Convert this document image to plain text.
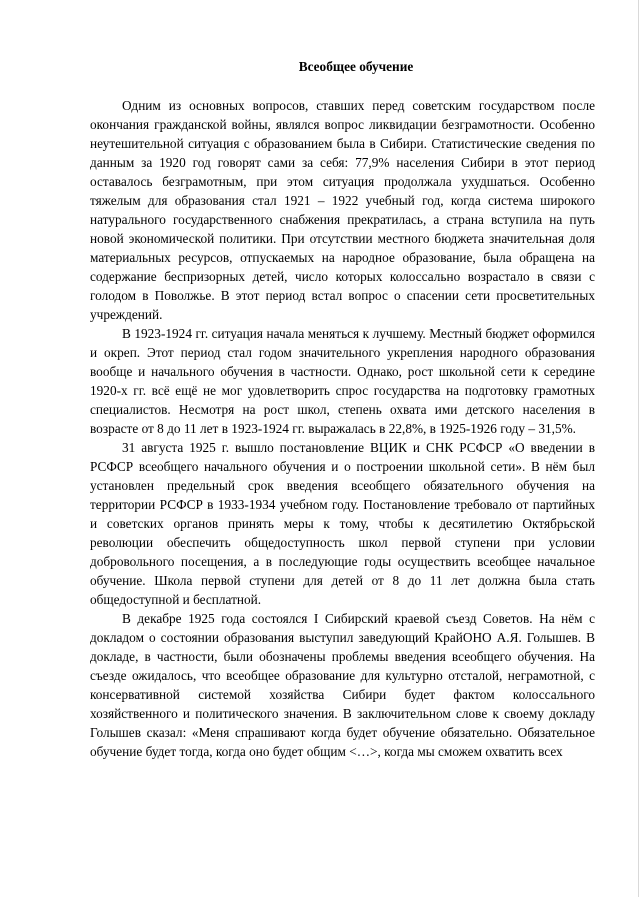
Всеобщее обучение

Одним из основных вопросов, ставших перед советским государством после окончания гражданской войны, являлся вопрос ликвидации безграмотности. Особенно неутешительной ситуация с образованием была в Сибири. Статистические сведения по данным за 1920 год говорят сами за себя: 77,9% населения Сибири в этот период оставалось безграмотным, при этом ситуация продолжала ухудшаться. Особенно тяжелым для образования стал 1921 – 1922 учебный год, когда система широкого натурального государственного снабжения прекратилась, а страна вступила на путь новой экономической политики. При отсутствии местного бюджета значительная доля материальных ресурсов, отпускаемых на народное образование, была обращена на содержание беспризорных детей, число которых колоссально возрастало в связи с голодом в Поволжье. В этот период встал вопрос о спасении сети просветительных учреждений.

В 1923-1924 гг. ситуация начала меняться к лучшему. Местный бюджет оформился и окреп. Этот период стал годом значительного укрепления народного образования вообще и начального обучения в частности. Однако, рост школьной сети к середине 1920-х гг. всё ещё не мог удовлетворить спрос государства на подготовку грамотных специалистов. Несмотря на рост школ, степень охвата ими детского населения в возрасте от 8 до 11 лет в 1923-1924 гг. выражалась в 22,8%, в 1925-1926 году – 31,5%.

31 августа 1925 г. вышло постановление ВЦИК и СНК РСФСР «О введении в РСФСР всеобщего начального обучения и о построении школьной сети». В нём был установлен предельный срок введения всеобщего обязательного обучения на территории РСФСР в 1933-1934 учебном году. Постановление требовало от партийных и советских органов принять меры к тому, чтобы к десятилетию Октябрьской революции обеспечить общедоступность школ первой ступени при условии добровольного посещения, а в последующие годы осуществить всеобщее начальное обучение. Школа первой ступени для детей от 8 до 11 лет должна была стать общедоступной и бесплатной.

В декабре 1925 года состоялся I Сибирский краевой съезд Советов. На нём с докладом о состоянии образования выступил заведующий КрайОНО А.Я. Голышев. В докладе, в частности, были обозначены проблемы введения всеобщего обучения. На съезде ожидалось, что всеобщее образование для культурно отсталой, неграмотной, с консервативной системой хозяйства Сибири будет фактом колоссального хозяйственного и политического значения. В заключительном слове к своему докладу Голышев сказал: «Меня спрашивают когда будет обучение обязательно. Обязательное обучение будет тогда, когда оно будет общим <…>, когда мы сможем охватить всех
